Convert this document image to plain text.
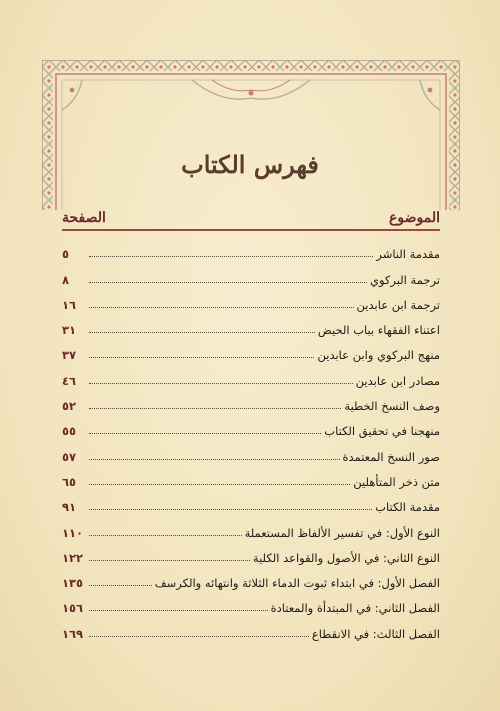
فهرس الكتاب
الموضوع
الصفحة
مقدمة الناشر
٥
ترجمة البركوي
٨
ترجمة ابن عابدين
١٦
اعتناء الفقهاء بباب الحيض
٣١
منهج البركوي وابن عابدين
٣٧
مصادر ابن عابدين
٤٦
وصف النسخ الخطية
٥٢
منهجنا في تحقيق الكتاب
٥٥
صور النسخ المعتمدة
٥٧
متن ذخر المتأهلين
٦٥
مقدمة الكتاب
٩١
النوع الأول: في تفسير الألفاظ المستعملة
١١٠
النوع الثاني: في الأصول والقواعد الكلية
١٢٢
الفصل الأول: في ابتداء ثبوت الدماء الثلاثة وانتهائه والكرسف
١٣٥
الفصل الثاني: في المبتدأة والمعتادة
١٥٦
الفصل الثالث: في الانقطاع
١٦٩
